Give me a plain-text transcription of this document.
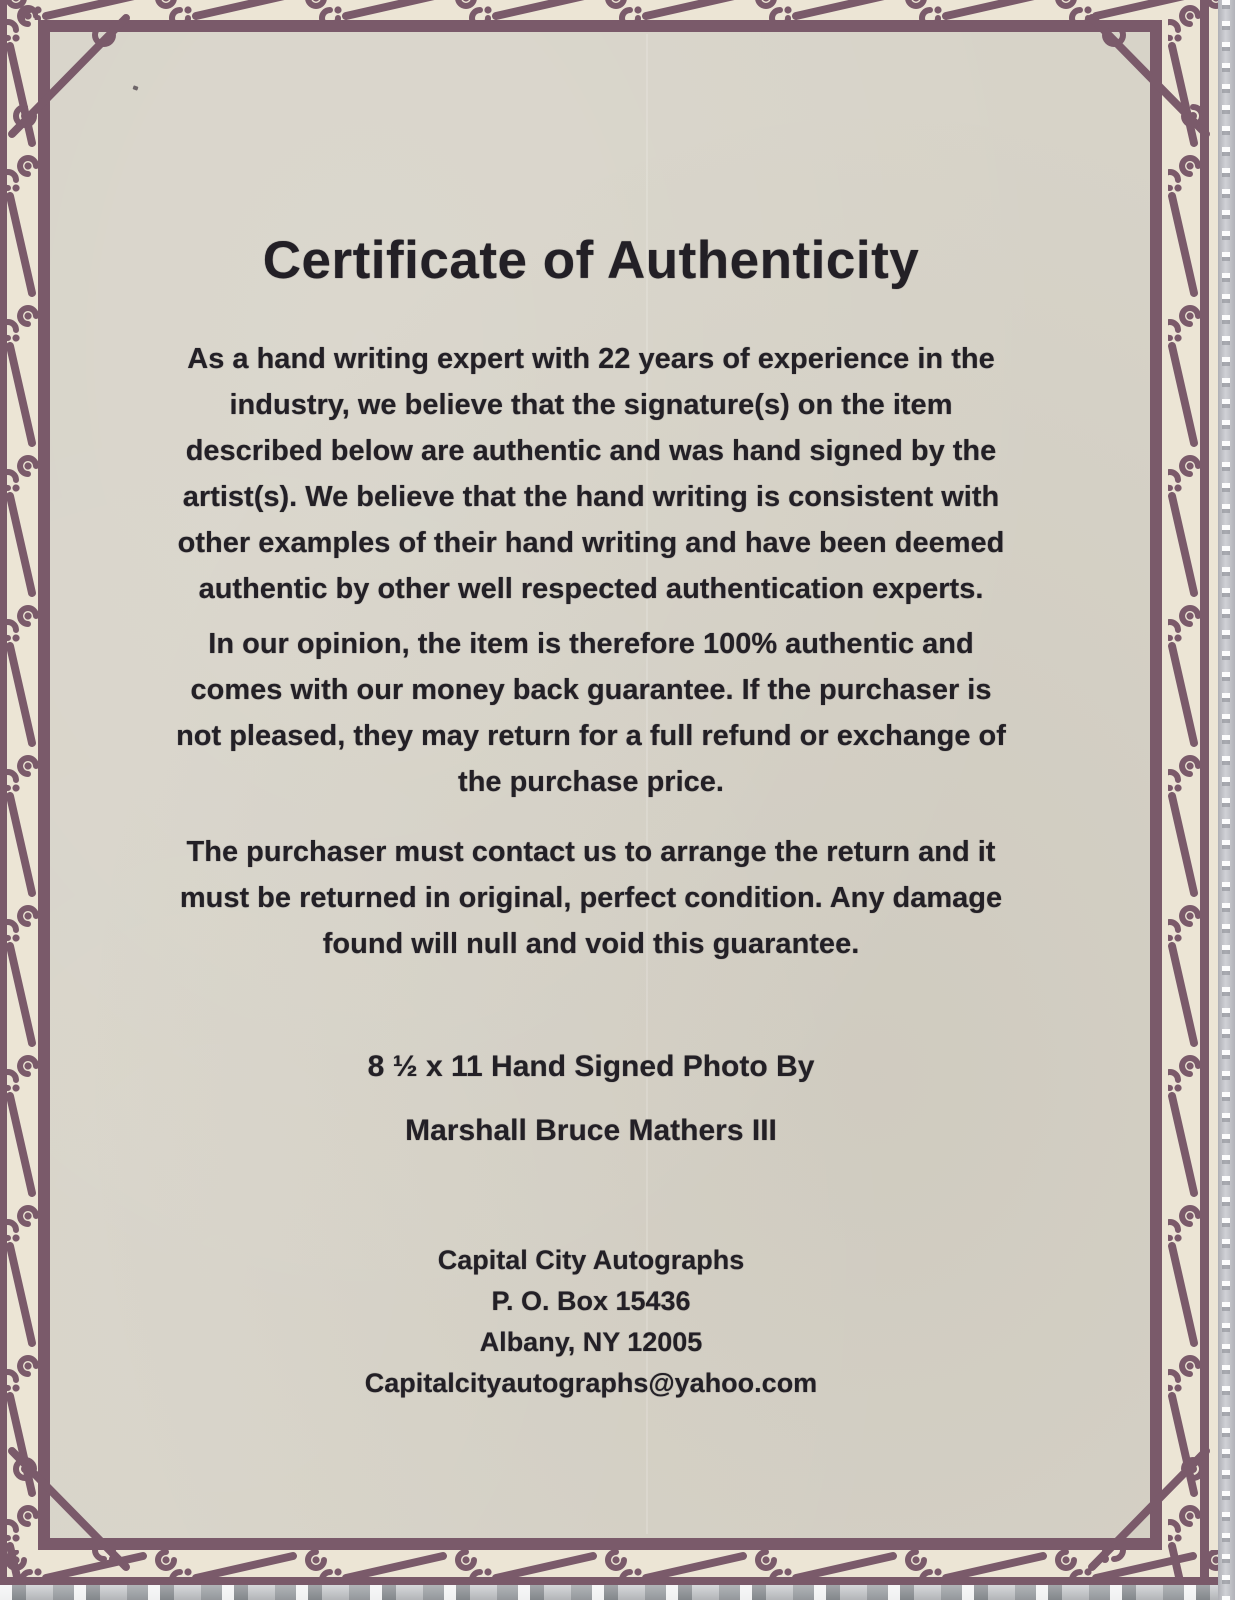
Certificate of Authenticity
As a hand writing expert with 22 years of experience in the
industry, we believe that the signature(s) on the item
described below are authentic and was hand signed by the
artist(s). We believe that the hand writing is consistent with
other examples of their hand writing and have been deemed
authentic by other well respected authentication experts.
In our opinion, the item is therefore 100% authentic and
comes with our money back guarantee. If the purchaser is
not pleased, they may return for a full refund or exchange of
the purchase price.
The purchaser must contact us to arrange the return and it
must be returned in original, perfect condition. Any damage
found will null and void this guarantee.
8 ½ x 11 Hand Signed Photo By
Marshall Bruce Mathers III
Capital City Autographs
P. O. Box 15436
Albany, NY 12005
Capitalcityautographs@yahoo.com
